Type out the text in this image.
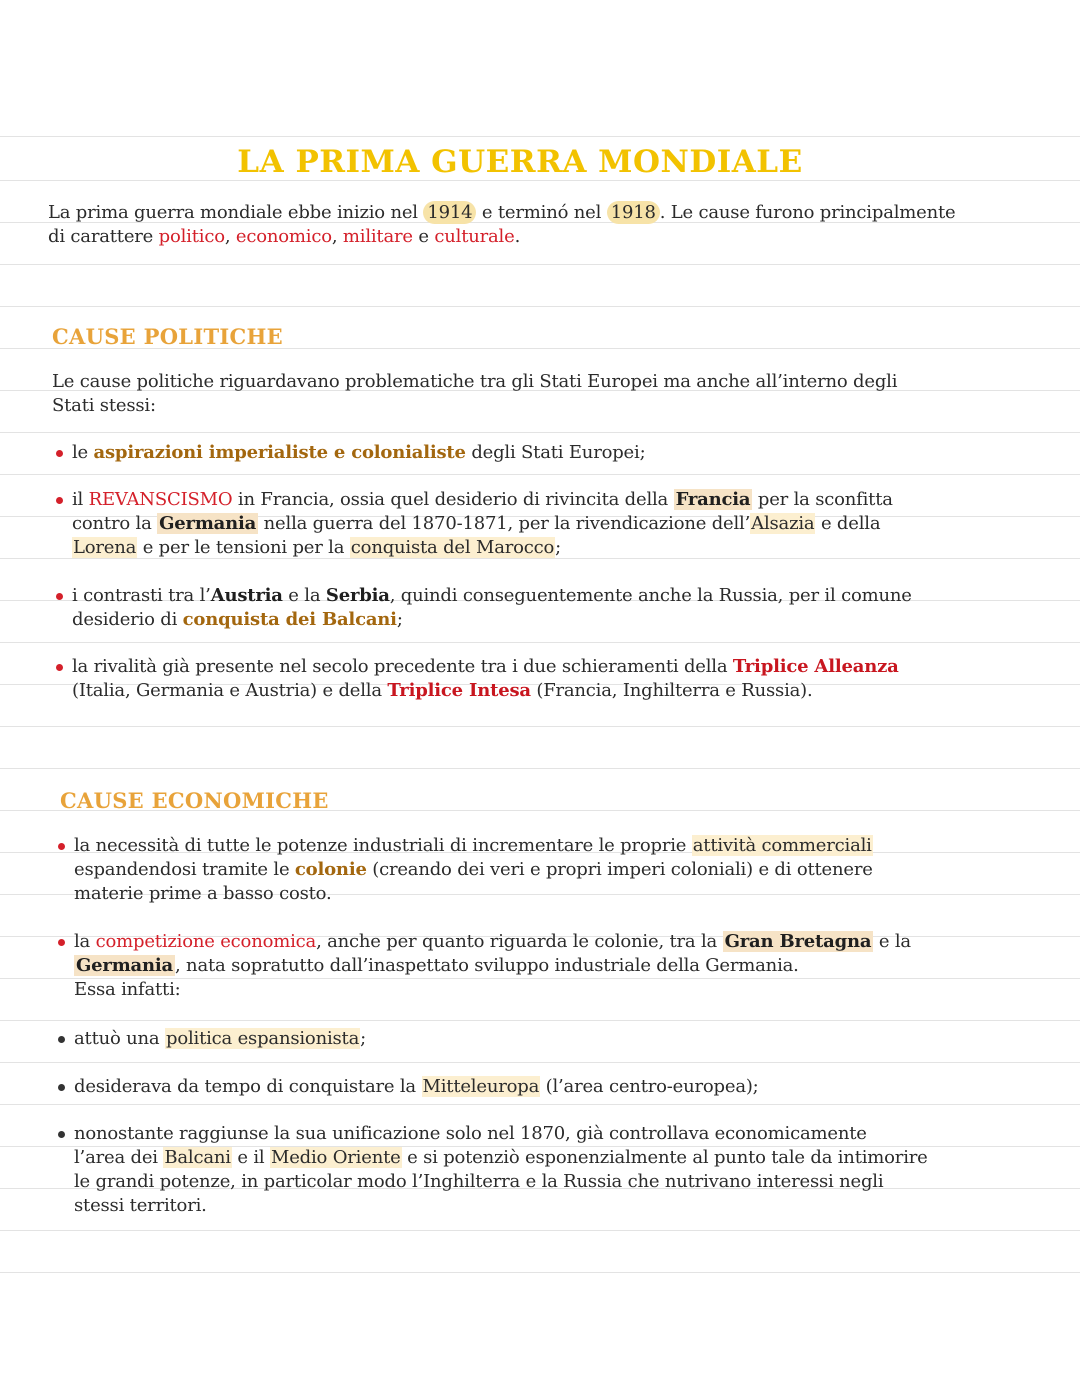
LA PRIMA GUERRA MONDIALE
La prima guerra mondiale ebbe inizio nel 1914 e terminó nel 1918 . Le cause furono principalmente
di carattere politico, economico, militare e culturale.
CAUSE POLITICHE
Le cause politiche riguardavano problematiche tra gli Stati Europei ma anche all’interno degli
Stati stessi:
le aspirazioni imperialiste e colonialiste degli Stati Europei;
il REVANSCISMO in Francia, ossia quel desiderio di rivincita della Francia per la sconfitta
contro la Germania nella guerra del 1870-1871, per la rivendicazione dell’Alsazia e della
Lorena e per le tensioni per la conquista del Marocco;
i contrasti tra l’Austria e la Serbia, quindi conseguentemente anche la Russia, per il comune
desiderio di conquista dei Balcani;
la rivalità già presente nel secolo precedente tra i due schieramenti della Triplice Alleanza
(Italia, Germania e Austria) e della Triplice Intesa (Francia, Inghilterra e Russia).
CAUSE ECONOMICHE
la necessità di tutte le potenze industriali di incrementare le proprie attività commerciali
espandendosi tramite le colonie (creando dei veri e propri imperi coloniali) e di ottenere
materie prime a basso costo.
la competizione economica, anche per quanto riguarda le colonie, tra la Gran Bretagna e la
Germania , nata sopratutto dall’inaspettato sviluppo industriale della Germania.
Essa infatti:
attuò una politica espansionista;
desiderava da tempo di conquistare la Mitteleuropa (l’area centro-europea);
nonostante raggiunse la sua unificazione solo nel 1870, già controllava economicamente
l’area dei Balcani e il Medio Oriente e si potenziò esponenzialmente al punto tale da intimorire
le grandi potenze, in particolar modo l’Inghilterra e la Russia che nutrivano interessi negli
stessi territori.
